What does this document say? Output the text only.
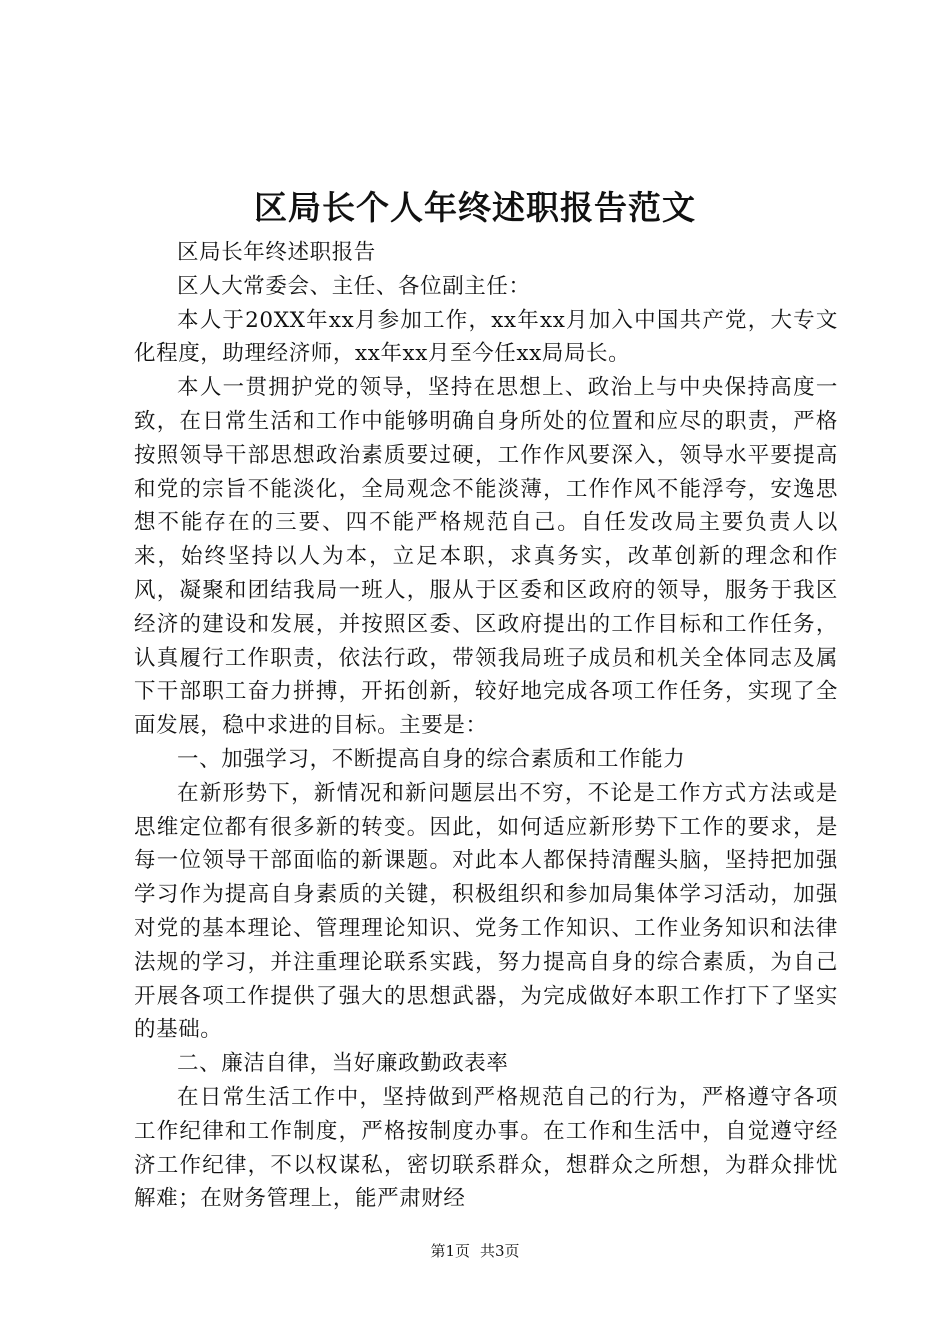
区局长个人年终述职报告范文

区局长年终述职报告

区人大常委会、主任、各位副主任：

本人于20XX年xx月参加工作，xx年xx月加入中国共产党，大专文化程度，助理经济师，xx年xx月至今任xx局局长。

本人一贯拥护党的领导，坚持在思想上、政治上与中央保持高度一致，在日常生活和工作中能够明确自身所处的位置和应尽的职责，严格按照领导干部思想政治素质要过硬，工作作风要深入，领导水平要提高和党的宗旨不能淡化，全局观念不能淡薄，工作作风不能浮夸，安逸思想不能存在的三要、四不能严格规范自己。自任发改局主要负责人以来，始终坚持以人为本，立足本职，求真务实，改革创新的理念和作风，凝聚和团结我局一班人，服从于区委和区政府的领导，服务于我区经济的建设和发展，并按照区委、区政府提出的工作目标和工作任务，认真履行工作职责，依法行政，带领我局班子成员和机关全体同志及属下干部职工奋力拼搏，开拓创新，较好地完成各项工作任务，实现了全面发展，稳中求进的目标。主要是：

一、加强学习，不断提高自身的综合素质和工作能力

在新形势下，新情况和新问题层出不穷，不论是工作方式方法或是思维定位都有很多新的转变。因此，如何适应新形势下工作的要求，是每一位领导干部面临的新课题。对此本人都保持清醒头脑，坚持把加强学习作为提高自身素质的关键，积极组织和参加局集体学习活动，加强对党的基本理论、管理理论知识、党务工作知识、工作业务知识和法律法规的学习，并注重理论联系实践，努力提高自身的综合素质，为自己开展各项工作提供了强大的思想武器，为完成做好本职工作打下了坚实的基础。

二、廉洁自律，当好廉政勤政表率

在日常生活工作中，坚持做到严格规范自己的行为，严格遵守各项工作纪律和工作制度，严格按制度办事。在工作和生活中，自觉遵守经济工作纪律，不以权谋私，密切联系群众，想群众之所想，为群众排忧解难；在财务管理上，能严肃财经

第1页 共3页
